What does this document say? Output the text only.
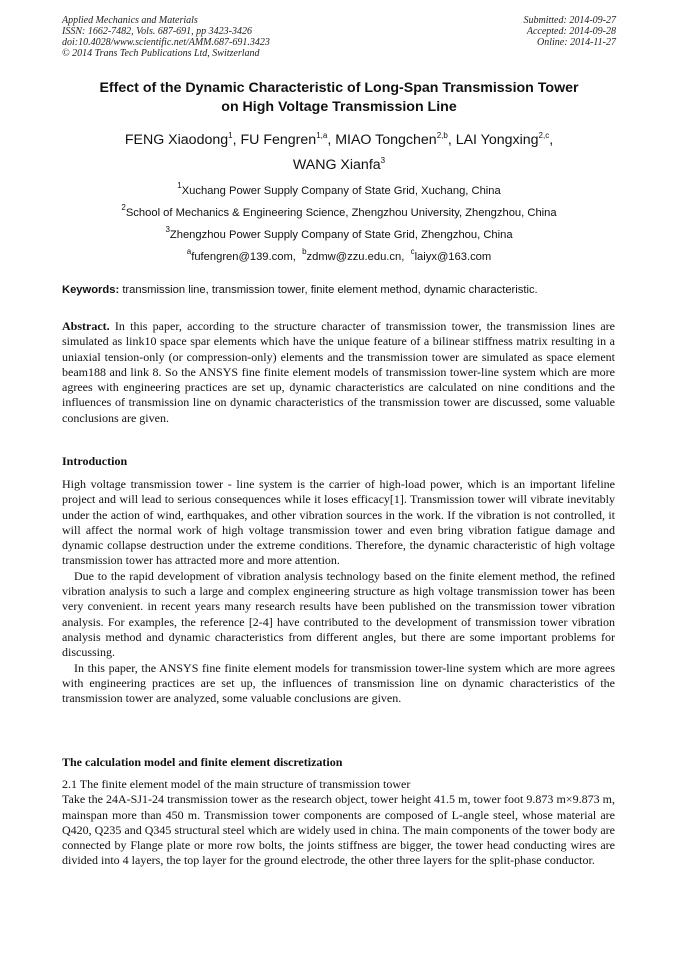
Applied Mechanics and Materials
ISSN: 1662-7482, Vols. 687-691, pp 3423-3426
doi:10.4028/www.scientific.net/AMM.687-691.3423
© 2014 Trans Tech Publications Ltd, Switzerland
Submitted: 2014-09-27
Accepted: 2014-09-28
Online: 2014-11-27
Effect of the Dynamic Characteristic of Long-Span Transmission Tower
on High Voltage Transmission Line
FENG Xiaodong$^1$, FU Fengren$^{1,a}$, MIAO Tongchen$^{2,b}$, LAI Yongxing$^{2,c}$,
WANG Xianfa$^3$
$^1$Xuchang Power Supply Company of State Grid, Xuchang, China
$^2$School of Mechanics & Engineering Science, Zhengzhou University, Zhengzhou, China
$^3$Zhengzhou Power Supply Company of State Grid, Zhengzhou, China
$^a$fufengren@139.com, $^b$zdmw@zzu.edu.cn, $^c$laiyx@163.com
Keywords: transmission line, transmission tower, finite element method, dynamic characteristic.

Abstract. In this paper, according to the structure character of transmission tower, the transmission lines are simulated as link10 space spar elements which have the unique feature of a bilinear stiffness matrix resulting in a uniaxial tension-only (or compression-only) elements and the transmission tower are simulated as space element beam188 and link 8. So the ANSYS fine finite element models of transmission tower-line system which are more agrees with engineering practices are set up, dynamic characteristics are calculated on nine conditions and the influences of transmission line on dynamic characteristics of the transmission tower are discussed, some valuable conclusions are given.

Introduction

High voltage transmission tower - line system is the carrier of high-load power, which is an important lifeline project and will lead to serious consequences while it loses efficacy[1]. Transmission tower will vibrate inevitably under the action of wind, earthquakes, and other vibration sources in the work. If the vibration is not controlled, it will affect the normal work of high voltage transmission tower and even bring vibration fatigue damage and dynamic collapse destruction under the extreme conditions. Therefore, the dynamic characteristic of high voltage transmission tower has attracted more and more attention.

Due to the rapid development of vibration analysis technology based on the finite element method, the refined vibration analysis to such a large and complex engineering structure as high voltage transmission tower has been very convenient. in recent years many research results have been published on the transmission tower vibration analysis. For examples, the reference [2-4] have contributed to the development of transmission tower vibration analysis method and dynamic characteristics from different angles, but there are some important problems for discussing.

In this paper, the ANSYS fine finite element models for transmission tower-line system which are more agrees with engineering practices are set up, the influences of transmission line on dynamic characteristics of the transmission tower are analyzed, some valuable conclusions are given.

The calculation model and finite element discretization

2.1 The finite element model of the main structure of transmission tower

Take the 24A-SJ1-24 transmission tower as the research object, tower height 41.5 m, tower foot 9.873 m×9.873 m, mainspan more than 450 m. Transmission tower components are composed of L-angle steel, whose material are Q420, Q235 and Q345 structural steel which are widely used in china. The main components of the tower body are connected by Flange plate or more row bolts, the joints stiffness are bigger, the tower head conducting wires are divided into 4 layers, the top layer for the ground electrode, the other three layers for the split-phase conductor.
